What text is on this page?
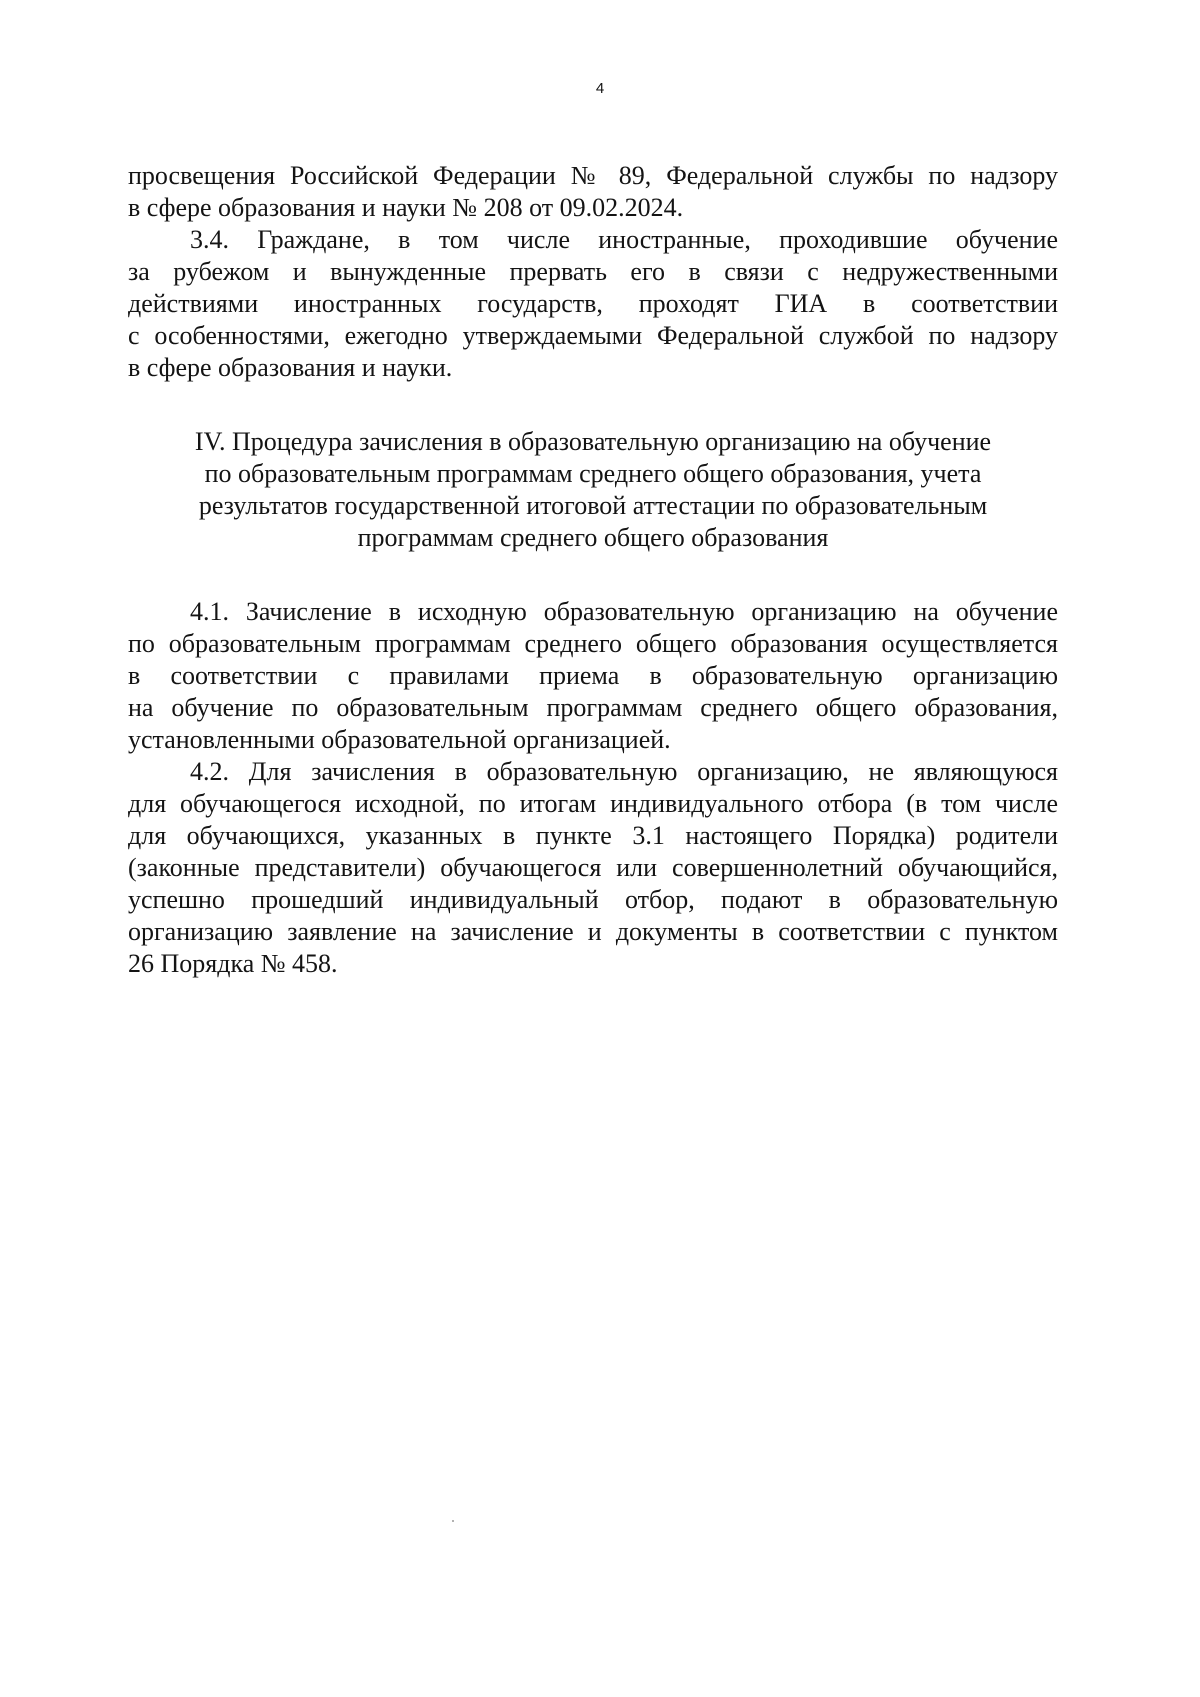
4
просвещения Российской Федерации № 89, Федеральной службы по надзору
в сфере образования и науки № 208 от 09.02.2024.
3.4. Граждане, в том числе иностранные, проходившие обучение
за рубежом и вынужденные прервать его в связи с недружественными
действиями иностранных государств, проходят ГИА в соответствии
с особенностями, ежегодно утверждаемыми Федеральной службой по надзору
в сфере образования и науки.
IV. Процедура зачисления в образовательную организацию на обучение
по образовательным программам среднего общего образования, учета
результатов государственной итоговой аттестации по образовательным
программам среднего общего образования
4.1. Зачисление в исходную образовательную организацию на обучение
по образовательным программам среднего общего образования осуществляется
в соответствии с правилами приема в образовательную организацию
на обучение по образовательным программам среднего общего образования,
установленными образовательной организацией.
4.2. Для зачисления в образовательную организацию, не являющуюся
для обучающегося исходной, по итогам индивидуального отбора (в том числе
для обучающихся, указанных в пункте 3.1 настоящего Порядка) родители
(законные представители) обучающегося или совершеннолетний обучающийся,
успешно прошедший индивидуальный отбор, подают в образовательную
организацию заявление на зачисление и документы в соответствии с пунктом
26 Порядка № 458.
